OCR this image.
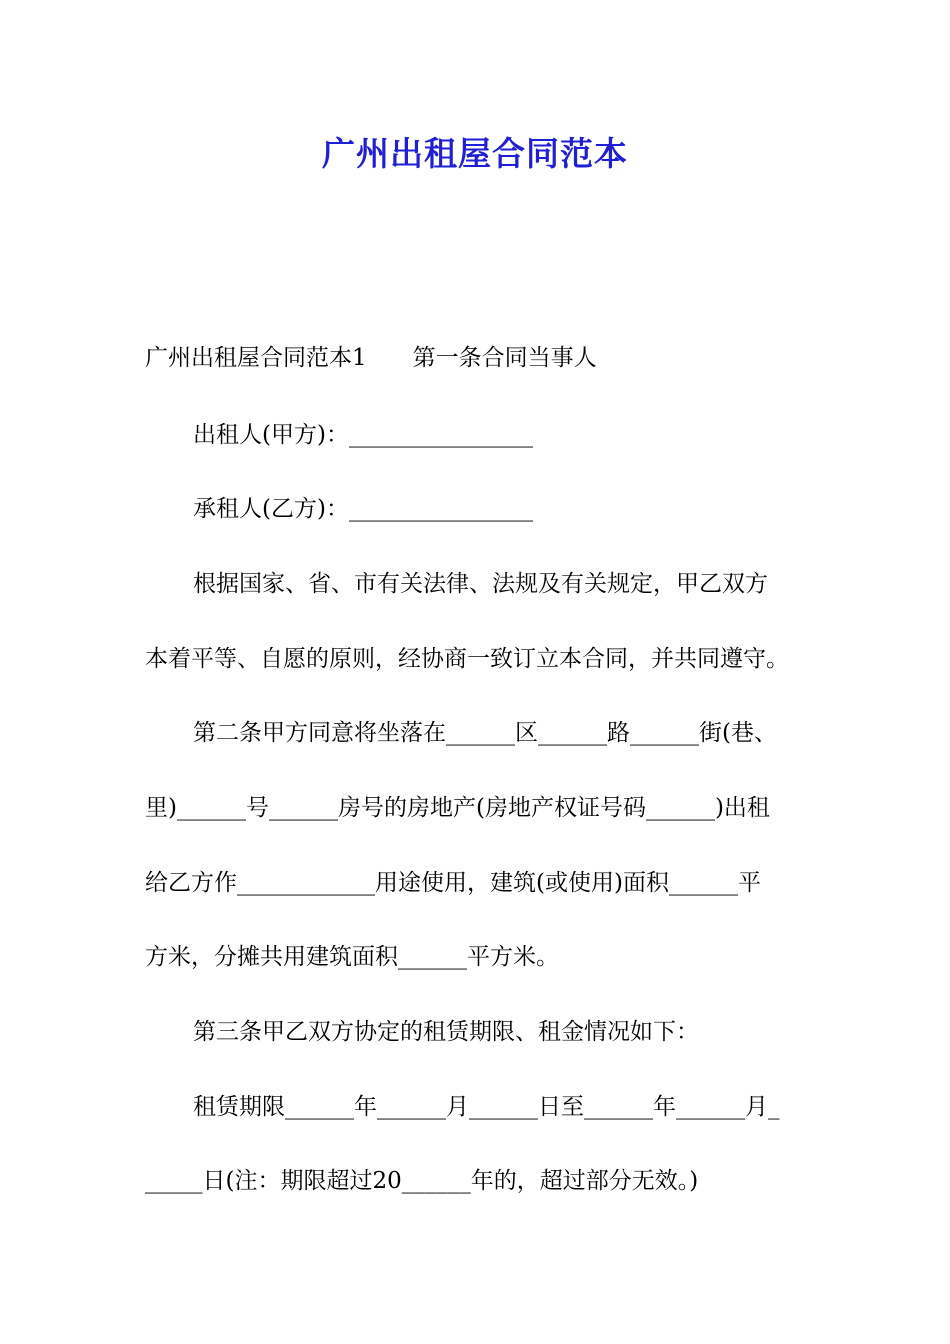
广州出租屋合同范本

广州出租屋合同范本1　　第一条合同当事人

出租人(甲方)：________________

承租人(乙方)：________________

根据国家、省、市有关法律、法规及有关规定，甲乙双方

本着平等、自愿的原则，经协商一致订立本合同，并共同遵守。

第二条甲方同意将坐落在______区______路______街(巷、

里)______号______房号的房地产(房地产权证号码______)出租

给乙方作____________用途使用，建筑(或使用)面积______平

方米，分摊共用建筑面积______平方米。

第三条甲乙双方协定的租赁期限、租金情况如下：

租赁期限______年______月______日至______年______月_

_____日(注：期限超过20______年的，超过部分无效。)
